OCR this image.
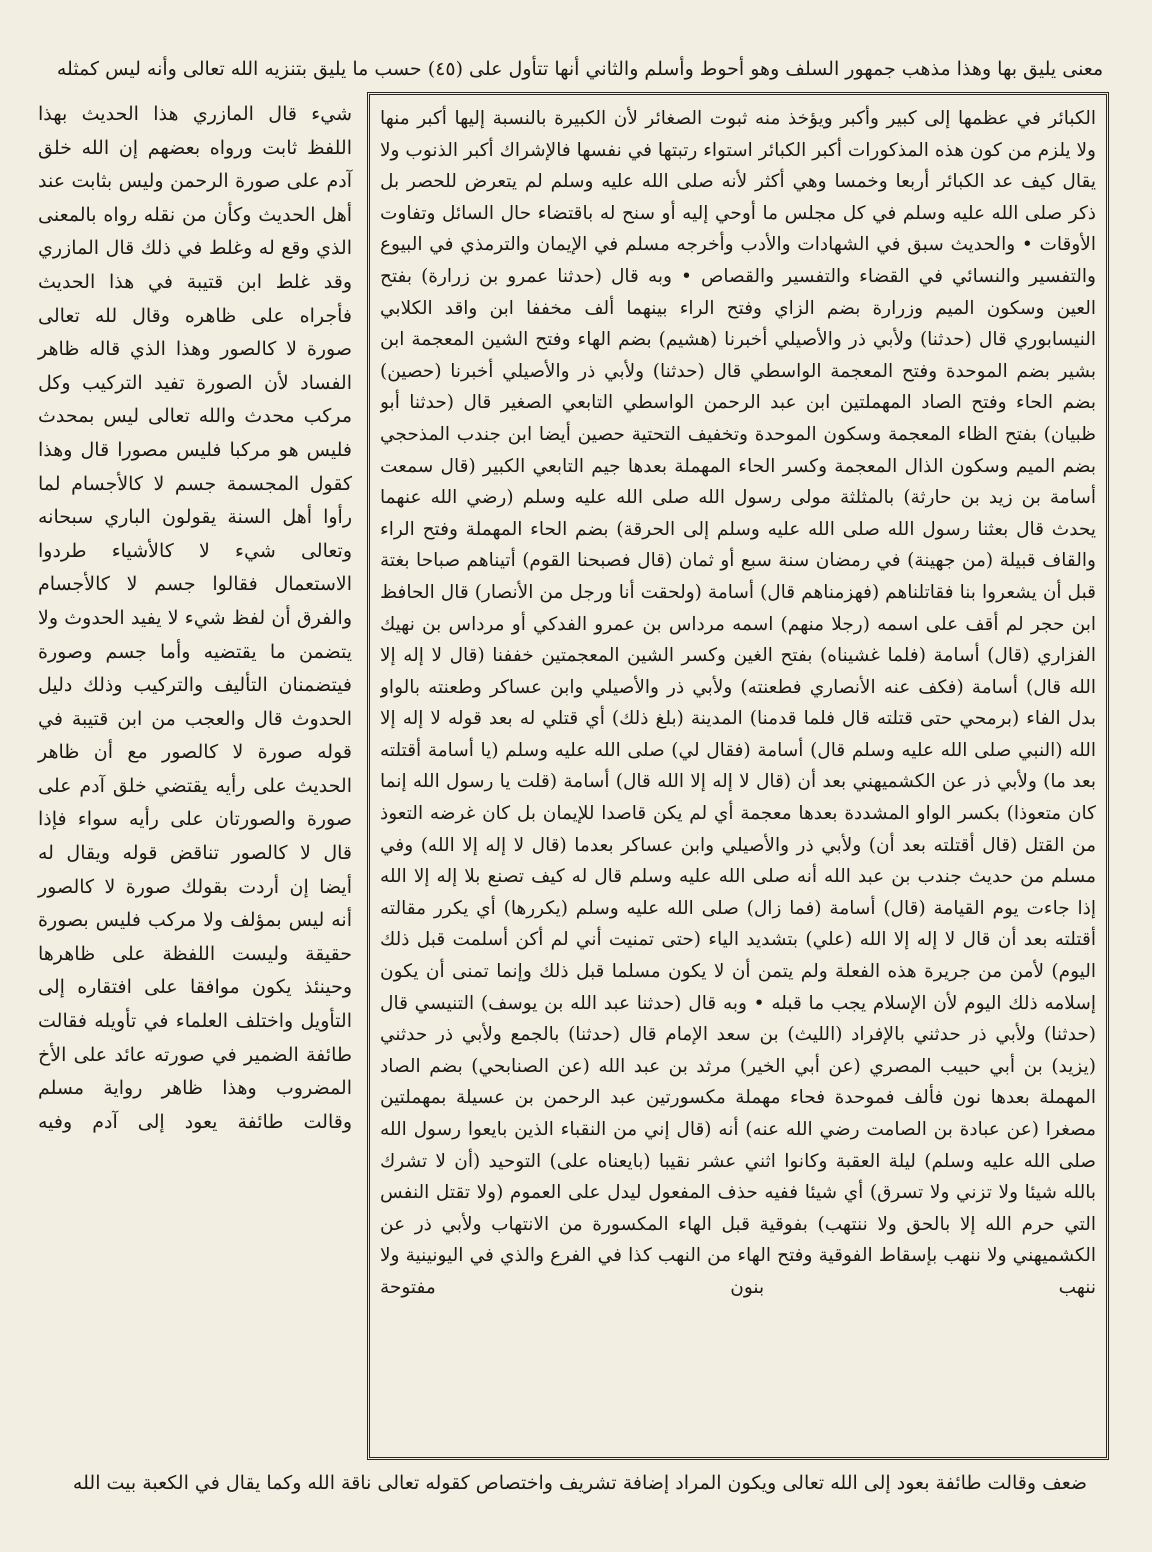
معنى يليق بها وهذا مذهب جمهور السلف وهو أحوط وأسلم والثاني أنها تتأول على (٤٥) حسب ما يليق بتنزيه الله تعالى وأنه ليس كمثله

شيء قال المازري هذا الحديث بهذا اللفظ ثابت ورواه بعضهم إن الله خلق آدم على صورة الرحمن وليس بثابت عند أهل الحديث وكأن من نقله رواه بالمعنى الذي وقع له وغلط في ذلك قال المازري وقد غلط ابن قتيبة في هذا الحديث فأجراه على ظاهره وقال لله تعالى صورة لا كالصور وهذا الذي قاله ظاهر الفساد لأن الصورة تفيد التركيب وكل مركب محدث والله تعالى ليس بمحدث فليس هو مركبا فليس مصورا قال وهذا كقول المجسمة جسم لا كالأجسام لما رأوا أهل السنة يقولون الباري سبحانه وتعالى شيء لا كالأشياء طردوا الاستعمال فقالوا جسم لا كالأجسام والفرق أن لفظ شيء لا يفيد الحدوث ولا يتضمن ما يقتضيه وأما جسم وصورة فيتضمنان التأليف والتركيب وذلك دليل الحدوث قال والعجب من ابن قتيبة في قوله صورة لا كالصور مع أن ظاهر الحديث على رأيه يقتضي خلق آدم على صورة والصورتان على رأيه سواء فإذا قال لا كالصور تناقض قوله ويقال له أيضا إن أردت بقولك صورة لا كالصور أنه ليس بمؤلف ولا مركب فليس بصورة حقيقة وليست اللفظة على ظاهرها وحينئذ يكون موافقا على افتقاره إلى التأويل واختلف العلماء في تأويله فقالت طائفة الضمير في صورته عائد على الأخ المضروب وهذا ظاهر رواية مسلم وقالت طائفة يعود إلى آدم وفيه

الكبائر في عظمها إلى كبير وأكبر ويؤخذ منه ثبوت الصغائر لأن الكبيرة بالنسبة إليها أكبر منها ولا يلزم من كون هذه المذكورات أكبر الكبائر استواء رتبتها في نفسها فالإشراك أكبر الذنوب ولا يقال كيف عد الكبائر أربعا وخمسا وهي أكثر لأنه صلى الله عليه وسلم لم يتعرض للحصر بل ذكر صلى الله عليه وسلم في كل مجلس ما أوحي إليه أو سنح له باقتضاء حال السائل وتفاوت الأوقات • والحديث سبق في الشهادات والأدب وأخرجه مسلم في الإيمان والترمذي في البيوع والتفسير والنسائي في القضاء والتفسير والقصاص • وبه قال (حدثنا عمرو بن زرارة) بفتح العين وسكون الميم وزرارة بضم الزاي وفتح الراء بينهما ألف مخففا ابن واقد الكلابي النيسابوري قال (حدثنا) ولأبي ذر والأصيلي أخبرنا (هشيم) بضم الهاء وفتح الشين المعجمة ابن بشير بضم الموحدة وفتح المعجمة الواسطي قال (حدثنا) ولأبي ذر والأصيلي أخبرنا (حصين) بضم الحاء وفتح الصاد المهملتين ابن عبد الرحمن الواسطي التابعي الصغير قال (حدثنا أبو ظبيان) بفتح الظاء المعجمة وسكون الموحدة وتخفيف التحتية حصين أيضا ابن جندب المذحجي بضم الميم وسكون الذال المعجمة وكسر الحاء المهملة بعدها جيم التابعي الكبير (قال سمعت أسامة بن زيد بن حارثة) بالمثلثة مولى رسول الله صلى الله عليه وسلم (رضي الله عنهما يحدث قال بعثنا رسول الله صلى الله عليه وسلم إلى الحرقة) بضم الحاء المهملة وفتح الراء والقاف قبيلة (من جهينة) في رمضان سنة سبع أو ثمان (قال فصبحنا القوم) أتيناهم صباحا بغتة قبل أن يشعروا بنا فقاتلناهم (فهزمناهم قال) أسامة (ولحقت أنا ورجل من الأنصار) قال الحافظ ابن حجر لم أقف على اسمه (رجلا منهم) اسمه مرداس بن عمرو الفدكي أو مرداس بن نهيك الفزاري (قال) أسامة (فلما غشيناه) بفتح الغين وكسر الشين المعجمتين خففنا (قال لا إله إلا الله قال) أسامة (فكف عنه الأنصاري فطعنته) ولأبي ذر والأصيلي وابن عساكر وطعنته بالواو بدل الفاء (برمحي حتى قتلته قال فلما قدمنا) المدينة (بلغ ذلك) أي قتلي له بعد قوله لا إله إلا الله (النبي صلى الله عليه وسلم قال) أسامة (فقال لي) صلى الله عليه وسلم (يا أسامة أقتلته بعد ما) ولأبي ذر عن الكشميهني بعد أن (قال لا إله إلا الله قال) أسامة (قلت يا رسول الله إنما كان متعوذا) بكسر الواو المشددة بعدها معجمة أي لم يكن قاصدا للإيمان بل كان غرضه التعوذ من القتل (قال أقتلته بعد أن) ولأبي ذر والأصيلي وابن عساكر بعدما (قال لا إله إلا الله) وفي مسلم من حديث جندب بن عبد الله أنه صلى الله عليه وسلم قال له كيف تصنع بلا إله إلا الله إذا جاءت يوم القيامة (قال) أسامة (فما زال) صلى الله عليه وسلم (يكررها) أي يكرر مقالته أقتلته بعد أن قال لا إله إلا الله (علي) بتشديد الياء (حتى تمنيت أني لم أكن أسلمت قبل ذلك اليوم) لأمن من جريرة هذه الفعلة ولم يتمن أن لا يكون مسلما قبل ذلك وإنما تمنى أن يكون إسلامه ذلك اليوم لأن الإسلام يجب ما قبله • وبه قال (حدثنا عبد الله بن يوسف) التنيسي قال (حدثنا) ولأبي ذر حدثني بالإفراد (الليث) بن سعد الإمام قال (حدثنا) بالجمع ولأبي ذر حدثني (يزيد) بن أبي حبيب المصري (عن أبي الخير) مرثد بن عبد الله (عن الصنابحي) بضم الصاد المهملة بعدها نون فألف فموحدة فحاء مهملة مكسورتين عبد الرحمن بن عسيلة بمهملتين مصغرا (عن عبادة بن الصامت رضي الله عنه) أنه (قال إني من النقباء الذين بايعوا رسول الله صلى الله عليه وسلم) ليلة العقبة وكانوا اثني عشر نقيبا (بايعناه على) التوحيد (أن لا تشرك بالله شيئا ولا تزني ولا تسرق) أي شيئا ففيه حذف المفعول ليدل على العموم (ولا تقتل النفس التي حرم الله إلا بالحق ولا ننتهب) بفوقية قبل الهاء المكسورة من الانتهاب ولأبي ذر عن الكشميهني ولا ننهب بإسقاط الفوقية وفتح الهاء من النهب كذا في الفرع والذي في اليونينية ولا ننهب بنون مفتوحة

ضعف وقالت طائفة بعود إلى الله تعالى ويكون المراد إضافة تشريف واختصاص كقوله تعالى ناقة الله وكما يقال في الكعبة بيت الله
